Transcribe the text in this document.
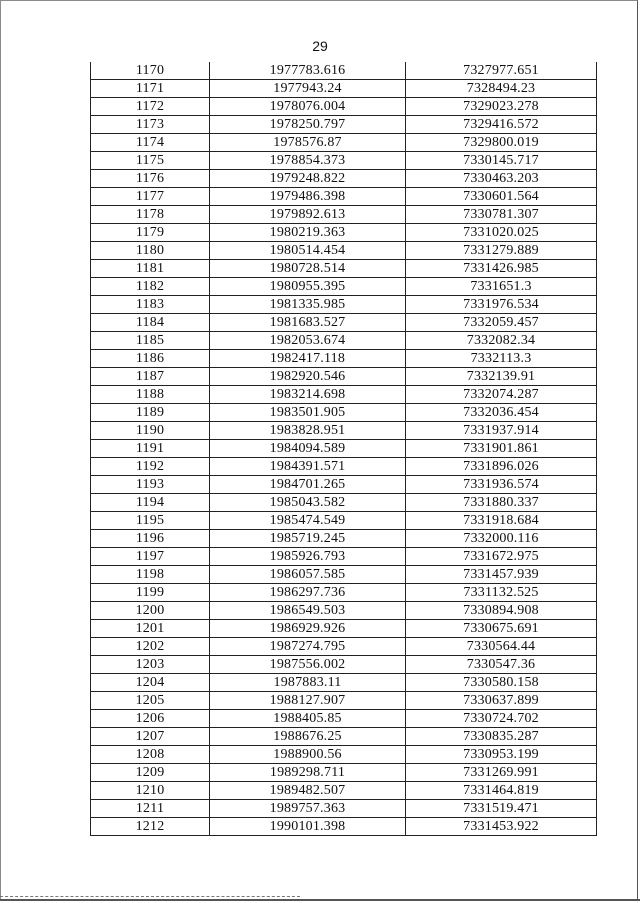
29
1170	1977783.616	7327977.651
1171	1977943.24	7328494.23
1172	1978076.004	7329023.278
1173	1978250.797	7329416.572
1174	1978576.87	7329800.019
1175	1978854.373	7330145.717
1176	1979248.822	7330463.203
1177	1979486.398	7330601.564
1178	1979892.613	7330781.307
1179	1980219.363	7331020.025
1180	1980514.454	7331279.889
1181	1980728.514	7331426.985
1182	1980955.395	7331651.3
1183	1981335.985	7331976.534
1184	1981683.527	7332059.457
1185	1982053.674	7332082.34
1186	1982417.118	7332113.3
1187	1982920.546	7332139.91
1188	1983214.698	7332074.287
1189	1983501.905	7332036.454
1190	1983828.951	7331937.914
1191	1984094.589	7331901.861
1192	1984391.571	7331896.026
1193	1984701.265	7331936.574
1194	1985043.582	7331880.337
1195	1985474.549	7331918.684
1196	1985719.245	7332000.116
1197	1985926.793	7331672.975
1198	1986057.585	7331457.939
1199	1986297.736	7331132.525
1200	1986549.503	7330894.908
1201	1986929.926	7330675.691
1202	1987274.795	7330564.44
1203	1987556.002	7330547.36
1204	1987883.11	7330580.158
1205	1988127.907	7330637.899
1206	1988405.85	7330724.702
1207	1988676.25	7330835.287
1208	1988900.56	7330953.199
1209	1989298.711	7331269.991
1210	1989482.507	7331464.819
1211	1989757.363	7331519.471
1212	1990101.398	7331453.922
